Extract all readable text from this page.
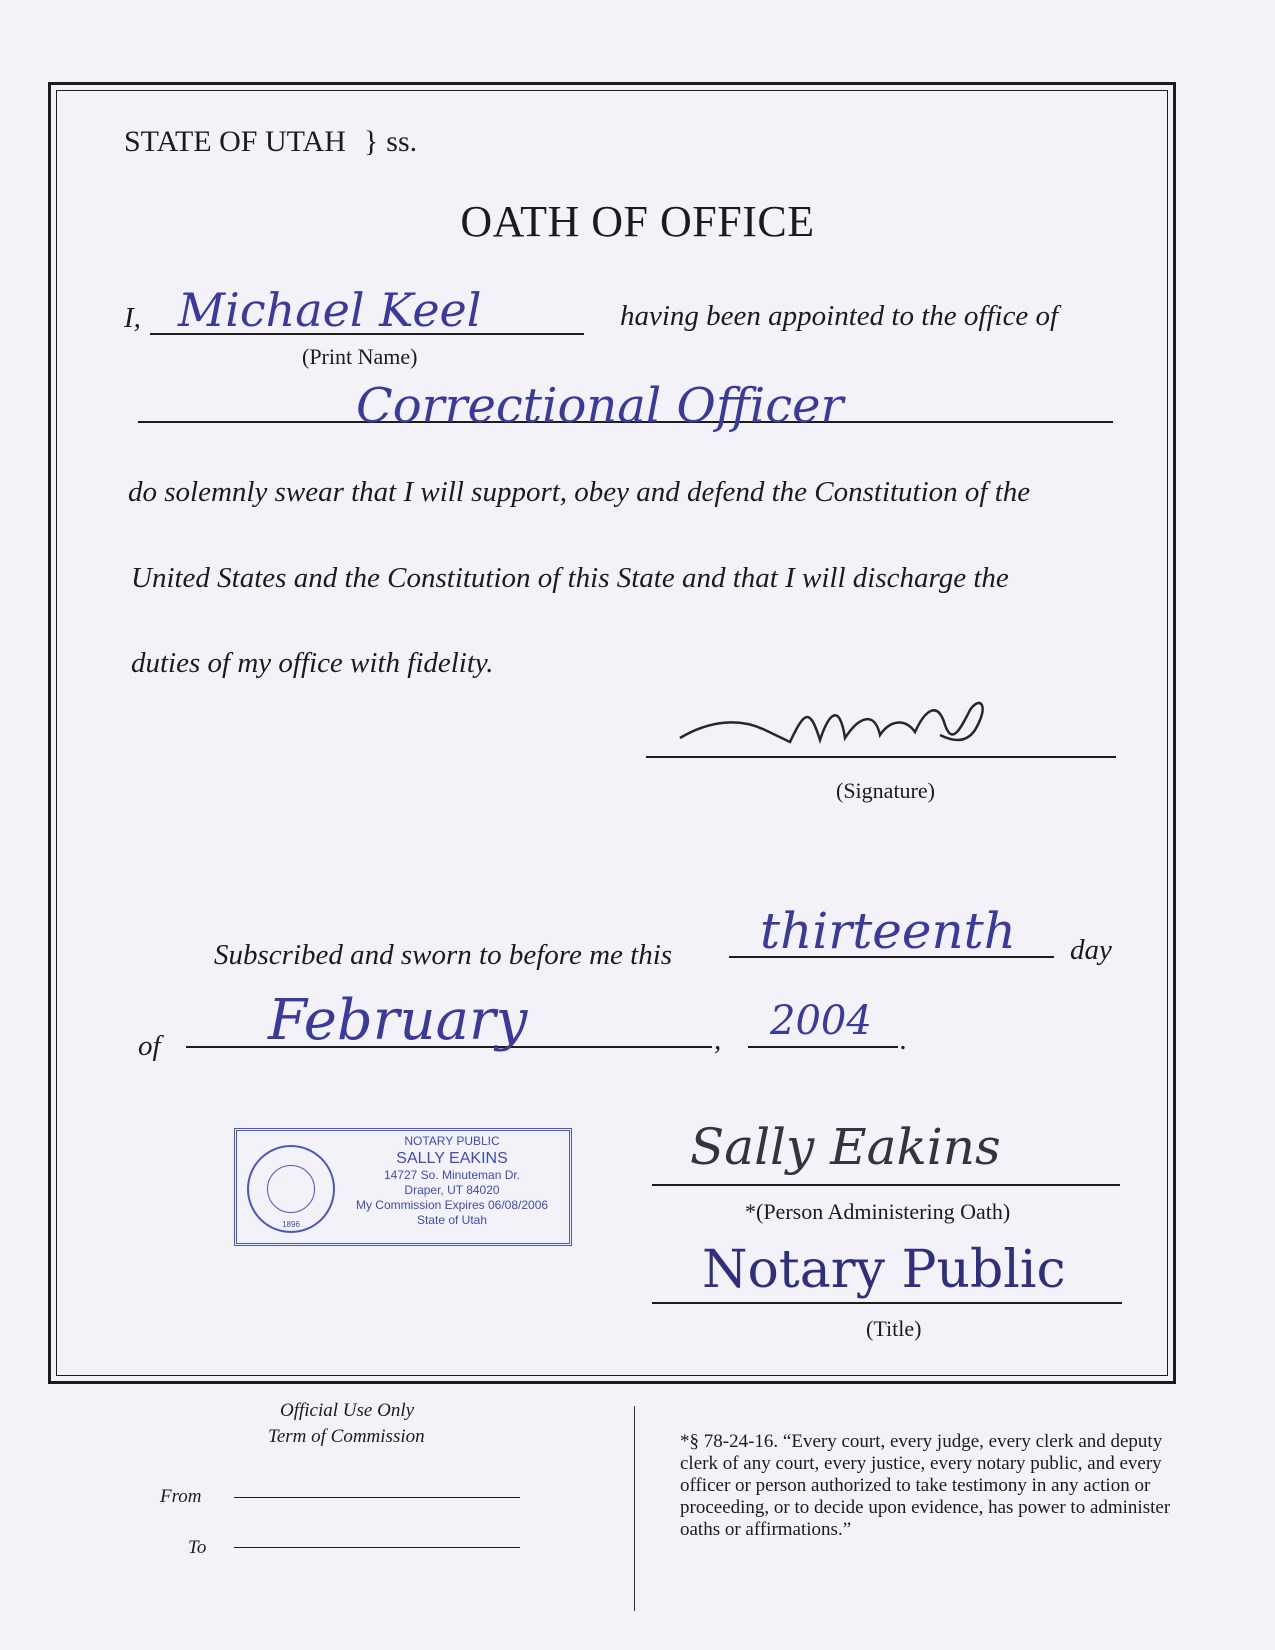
STATE OF UTAH } ss.
OATH OF OFFICE
I, Michael Keel
(Print Name)
having been appointed to the office of
Correctional Officer
do solemnly swear that I will support, obey and defend the Constitution of the
United States and the Constitution of this State and that I will discharge the
duties of my office with fidelity.
(Signature)
Subscribed and sworn to before me this thirteenth day
of February	, 2004 .
1896
NOTARY PUBLIC
SALLY EAKINS
14727 So. Minuteman Dr.
Draper, UT 84020
My Commission Expires 06/08/2006
State of Utah
Sally Eakins
*(Person Administering Oath)
Notary Public
(Title)
Official Use Only
Term of Commission
From
To
*§ 78-24-16. “Every court, every judge, every clerk and deputy clerk of any court, every justice, every notary public, and every officer or person authorized to take testimony in any action or proceeding, or to decide upon evidence, has power to administer oaths or affirmations.”
